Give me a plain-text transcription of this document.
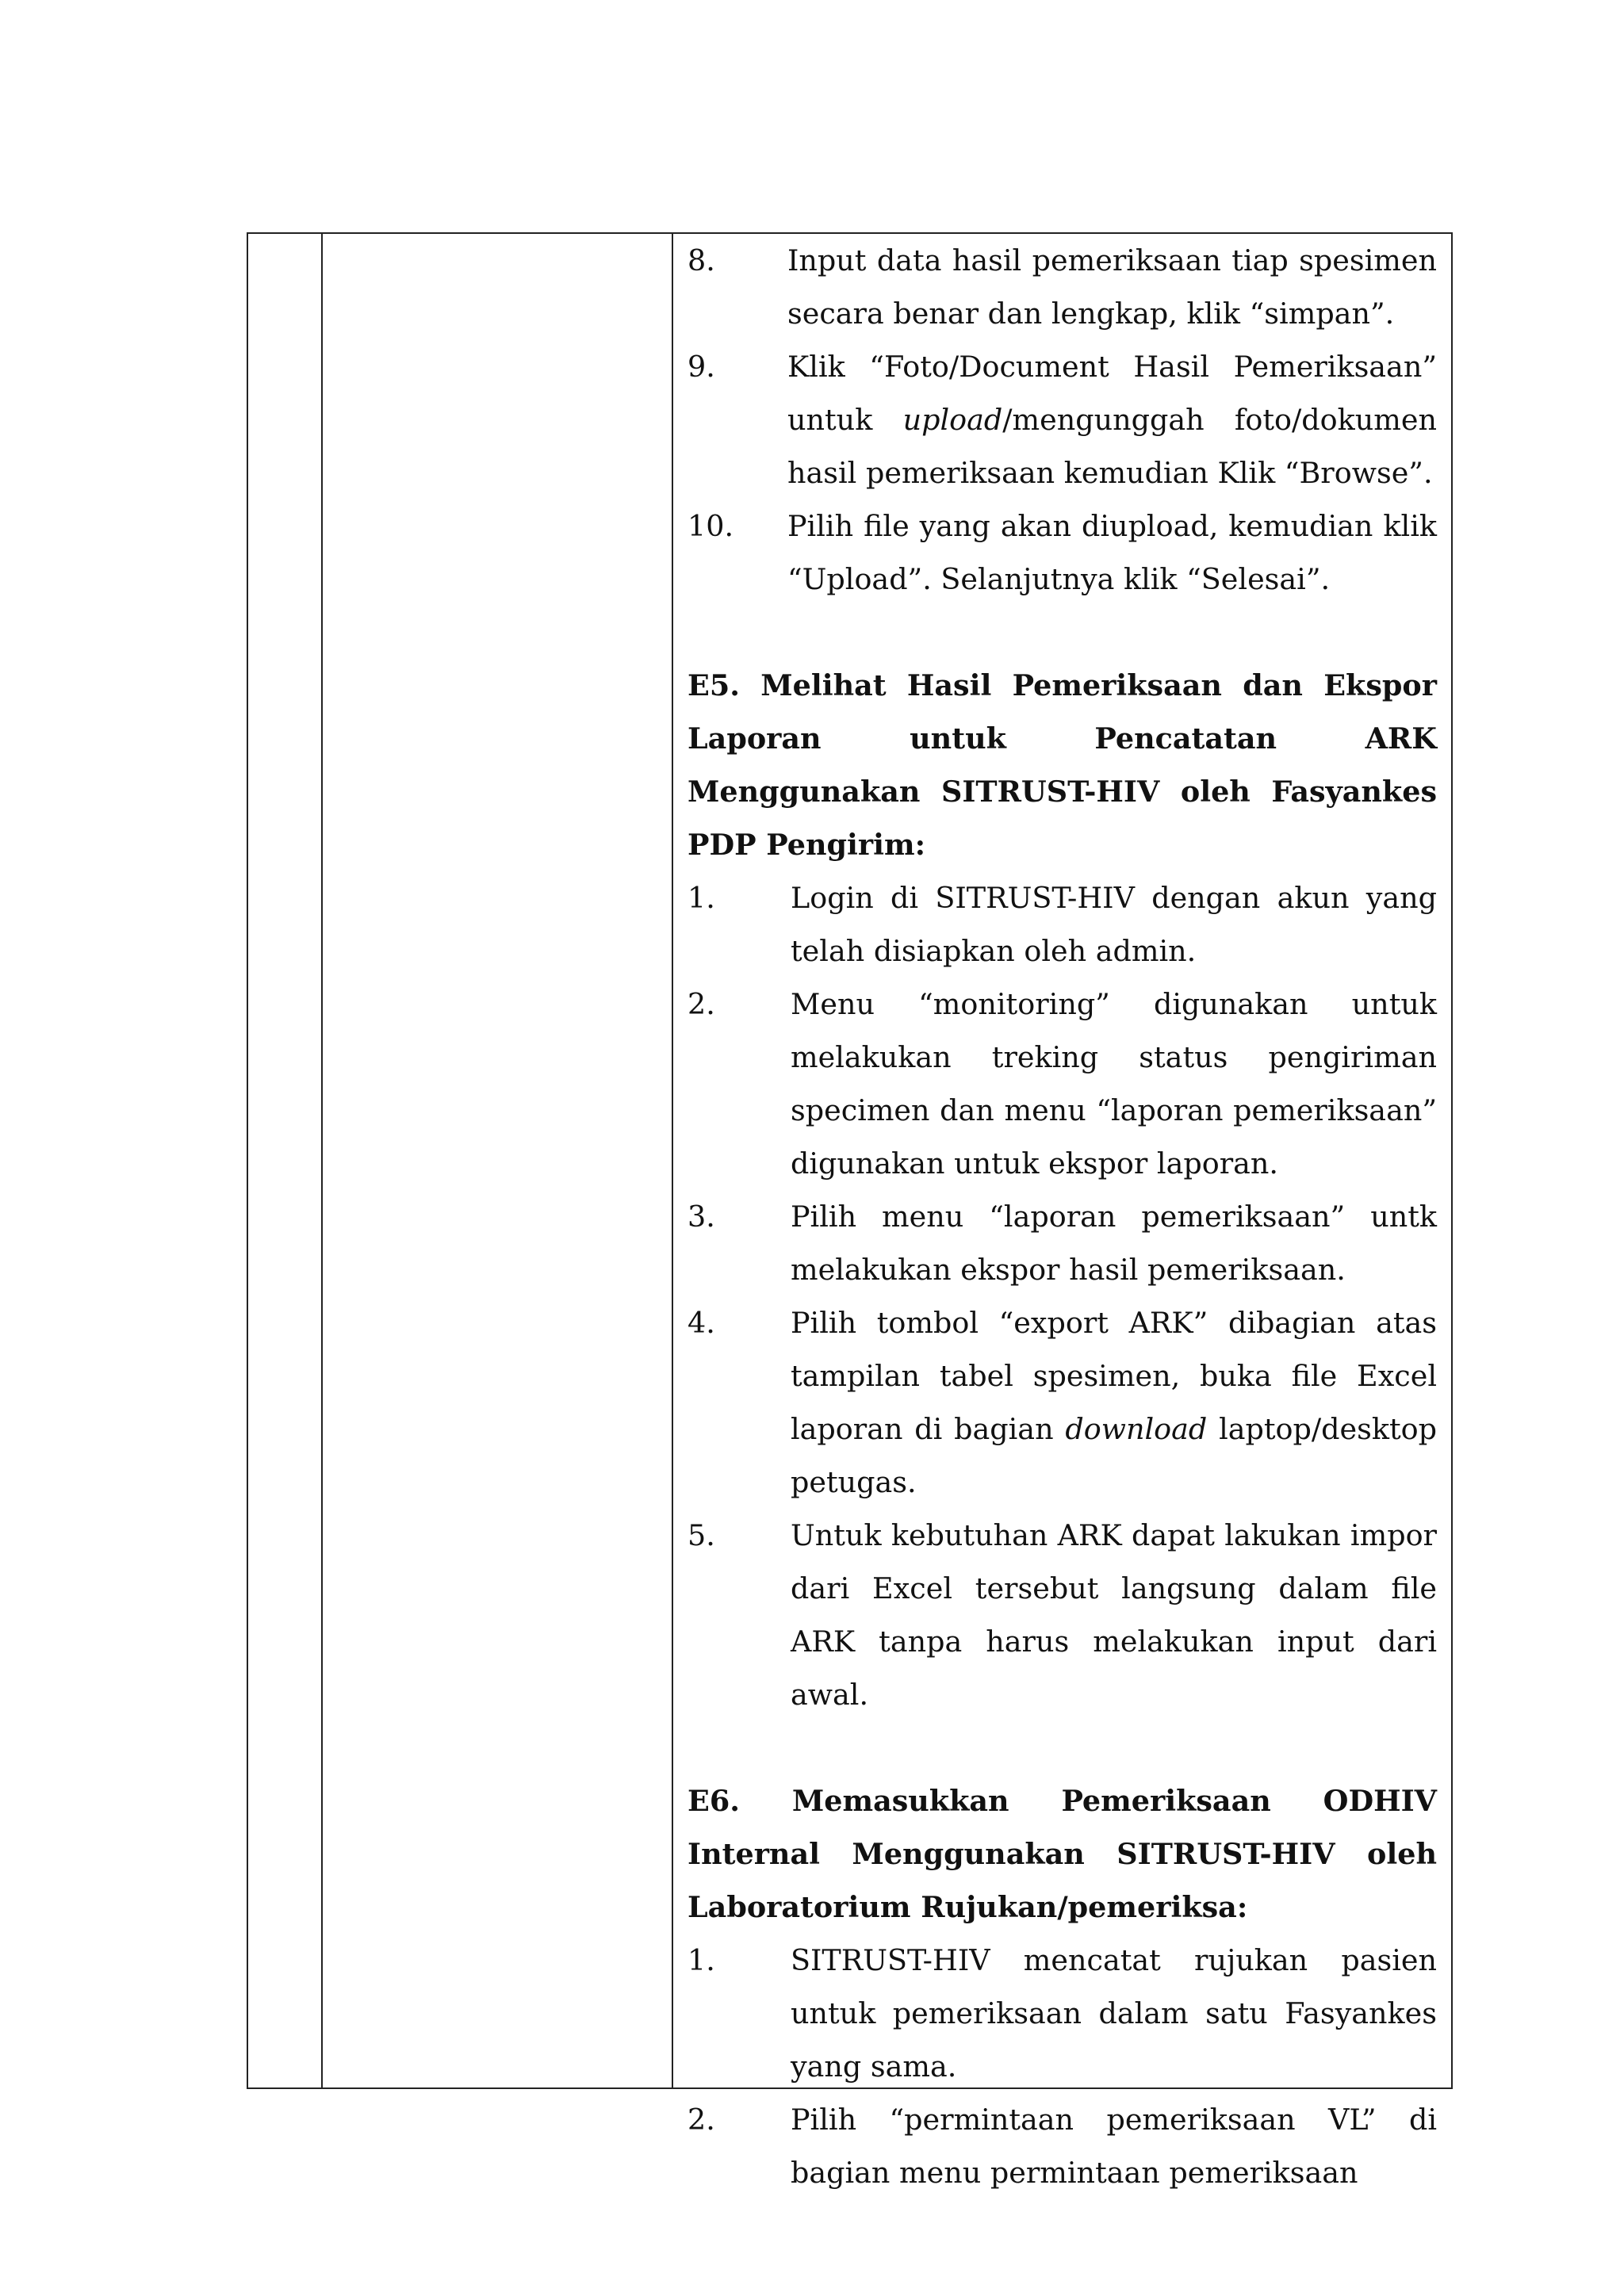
8.	Input data hasil pemeriksaan tiap spesimen secara benar dan lengkap, klik “simpan”.
9.	Klik “Foto/Document Hasil Pemeriksaan” untuk upload/mengunggah foto/dokumen hasil pemeriksaan kemudian Klik “Browse”.
10.	Pilih file yang akan diupload, kemudian klik “Upload”. Selanjutnya klik “Selesai”.

E5. Melihat Hasil Pemeriksaan dan Ekspor Laporan untuk Pencatatan ARK Menggunakan SITRUST-HIV oleh Fasyankes PDP Pengirim:

1.	Login di SITRUST-HIV dengan akun yang telah disiapkan oleh admin.
2.	Menu “monitoring” digunakan untuk melakukan treking status pengiriman specimen dan menu “laporan pemeriksaan” digunakan untuk ekspor laporan.
3.	Pilih menu “laporan pemeriksaan” untk melakukan ekspor hasil pemeriksaan.
4.	Pilih tombol “export ARK” dibagian atas tampilan tabel spesimen, buka file Excel laporan di bagian download laptop/desktop petugas.
5.	Untuk kebutuhan ARK dapat lakukan impor dari Excel tersebut langsung dalam file ARK tanpa harus melakukan input dari awal.

E6. Memasukkan Pemeriksaan ODHIV Internal Menggunakan SITRUST-HIV oleh Laboratorium Rujukan/pemeriksa:

1.	SITRUST-HIV mencatat rujukan pasien untuk pemeriksaan dalam satu Fasyankes yang sama.
2.	Pilih “permintaan pemeriksaan VL” di bagian menu permintaan pemeriksaan
